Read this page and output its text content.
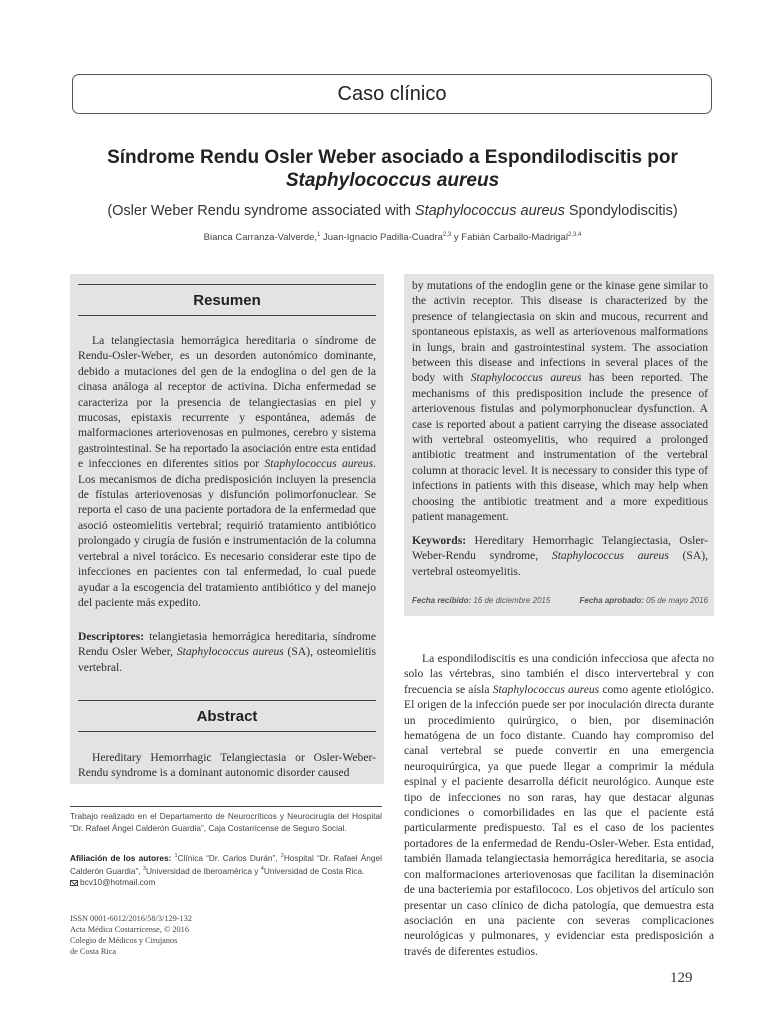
Caso clínico
Síndrome Rendu Osler Weber asociado a Espondilodiscitis por
Staphylococcus aureus
(Osler Weber Rendu syndrome associated with Staphylococcus aureus Spondylodiscitis)
Bianca Carranza-Valverde,$^1$ Juan-Ignacio Padilla-Cuadra$^{2,3}$ y Fabián Carballo-Madrigal$^{2,3,4}$
Resumen
La telangiectasia hemorrágica hereditaria o síndrome de Rendu-Osler-Weber, es un desorden autonómico dominante, debido a mutaciones del gen de la endoglina o del gen de la cinasa análoga al receptor de activina. Dicha enfermedad se caracteriza por la presencia de telangiectasias en piel y mucosas, epistaxis recurrente y espontánea, además de malformaciones arteriovenosas en pulmones, cerebro y sistema gastrointestinal. Se ha reportado la asociación entre esta entidad e infecciones en diferentes sitios por Staphylococcus aureus. Los mecanismos de dicha predisposición incluyen la presencia de fístulas arteriovenosas y disfunción polimorfonuclear. Se reporta el caso de una paciente portadora de la enfermedad que asoció osteomielitis vertebral; requirió tratamiento antibiótico prolongado y cirugía de fusión e instrumentación de la columna vertebral a nivel torácico. Es necesario considerar este tipo de infecciones en pacientes con tal enfermedad, lo cual puede ayudar a la escogencia del tratamiento antibiótico y del manejo del paciente más expedito.
Descriptores: telangietasia hemorrágica hereditaria, síndrome Rendu Osler Weber, Staphylococcus aureus (SA), osteomielitis vertebral.
Abstract
Hereditary Hemorrhagic Telangiectasia or Osler-Weber-Rendu syndrome is a dominant autonomic disorder caused
by mutations of the endoglin gene or the kinase gene similar to the activin receptor. This disease is characterized by the presence of telangiectasia on skin and mucous, recurrent and spontaneous epistaxis, as well as arteriovenous malformations in lungs, brain and gastrointestinal system. The association between this disease and infections in several places of the body with Staphylococcus aureus has been reported. The mechanisms of this predisposition include the presence of arteriovenous fistulas and polymorphonuclear dysfunction. A case is reported about a patient carrying the disease associated with vertebral osteomyelitis, who required a prolonged antibiotic treatment and instrumentation of the vertebral column at thoracic level. It is necessary to consider this type of infections in patients with this disease, which may help when choosing the antibiotic treatment and a more expeditious patient management.
Keywords: Hereditary Hemorrhagic Telangiectasia, Osler-Weber-Rendu syndrome, Staphylococcus aureus (SA), vertebral osteomyelitis.
Fecha recibido: 16 de diciembre 2015	Fecha aprobado: 05 de mayo 2016
La espondilodiscitis es una condición infecciosa que afecta no solo las vértebras, sino también el disco intervertebral y con frecuencia se aísla Staphylococcus aureus como agente etiológico. El origen de la infección puede ser por inoculación directa durante un procedimiento quirúrgico, o bien, por diseminación hematógena de un foco distante. Cuando hay compromiso del canal vertebral se puede convertir en una emergencia neuroquirúrgica, ya que puede llegar a comprimir la médula espinal y el paciente desarrolla déficit neurológico. Aunque este tipo de infecciones no son raras, hay que destacar algunas condiciones o comorbilidades en las que el paciente está particularmente predispuesto. Tal es el caso de los pacientes portadores de la enfermedad de Rendu-Osler-Weber. Esta entidad, también llamada telangiectasia hemorrágica hereditaria, se asocia con malformaciones arteriovenosas que facilitan la diseminación de una bacteriemia por estafilococo. Los objetivos del artículo son presentar un caso clínico de dicha patología, que demuestra esta asociación en una paciente con severas complicaciones neurológicas y pulmonares, y evidenciar esta predisposición a través de diferentes estudios.
Trabajo realizado en el Departamento de Neurocríticos y Neurocirugía del Hospital “Dr. Rafael Ángel Calderón Guardia”, Caja Costarricense de Seguro Social.
Afiliación de los autores: $^1$Clínica “Dr. Carlos Durán”, $^2$Hospital “Dr. Rafael Ángel Calderón Guardia”, $^3$Universidad de Iberoamérica y $^4$Universidad de Costa Rica.
bcv10@hotmail.com
ISSN 0001-6012/2016/58/3/129-132
Acta Médica Costarricense, © 2016
Colegio de Médicos y Cirujanos
de Costa Rica
129
